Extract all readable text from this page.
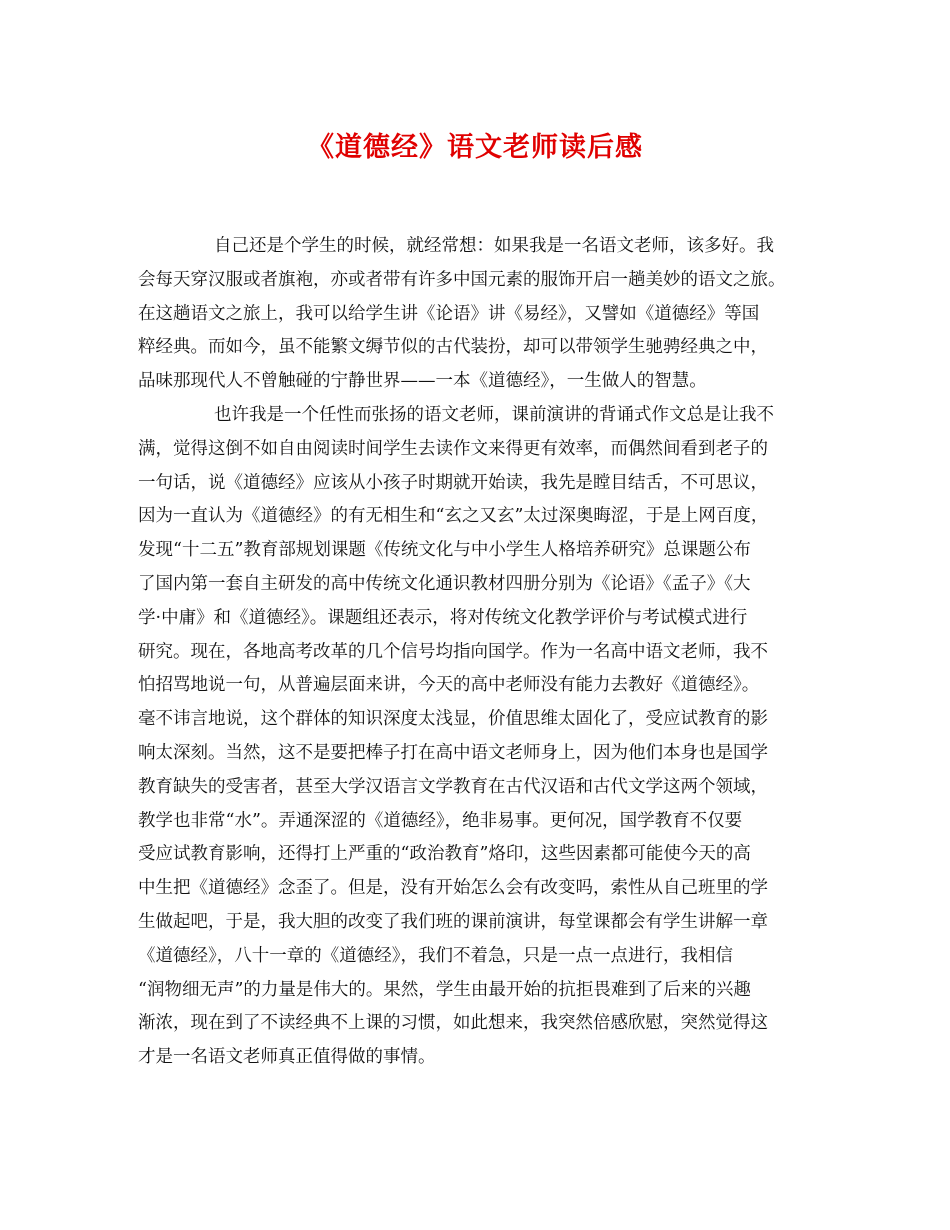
《道德经》语文老师读后感

自己还是个学生的时候，就经常想：如果我是一名语文老师，该多好。我
会每天穿汉服或者旗袍，亦或者带有许多中国元素的服饰开启一趟美妙的语文之旅。
在这趟语文之旅上，我可以给学生讲《论语》讲《易经》，又譬如《道德经》等国
粹经典。而如今，虽不能繁文缛节似的古代装扮，却可以带领学生驰骋经典之中，
品味那现代人不曾触碰的宁静世界——一本《道德经》，一生做人的智慧。

也许我是一个任性而张扬的语文老师，课前演讲的背诵式作文总是让我不
满，觉得这倒不如自由阅读时间学生去读作文来得更有效率，而偶然间看到老子的
一句话，说《道德经》应该从小孩子时期就开始读，我先是瞠目结舌，不可思议，
因为一直认为《道德经》的有无相生和“玄之又玄”太过深奥晦涩，于是上网百度，
发现“十二五”教育部规划课题《传统文化与中小学生人格培养研究》总课题公布
了国内第一套自主研发的高中传统文化通识教材四册分别为《论语》《孟子》《大
学·中庸》和《道德经》。课题组还表示，将对传统文化教学评价与考试模式进行
研究。现在，各地高考改革的几个信号均指向国学。作为一名高中语文老师，我不
怕招骂地说一句，从普遍层面来讲，今天的高中老师没有能力去教好《道德经》。
毫不讳言地说，这个群体的知识深度太浅显，价值思维太固化了，受应试教育的影
响太深刻。当然，这不是要把棒子打在高中语文老师身上，因为他们本身也是国学
教育缺失的受害者，甚至大学汉语言文学教育在古代汉语和古代文学这两个领域，
教学也非常“水”。弄通深涩的《道德经》，绝非易事。更何况，国学教育不仅要
受应试教育影响，还得打上严重的“政治教育”烙印，这些因素都可能使今天的高
中生把《道德经》念歪了。但是，没有开始怎么会有改变吗，索性从自己班里的学
生做起吧，于是，我大胆的改变了我们班的课前演讲，每堂课都会有学生讲解一章
《道德经》，八十一章的《道德经》，我们不着急，只是一点一点进行，我相信
“润物细无声”的力量是伟大的。果然，学生由最开始的抗拒畏难到了后来的兴趣
渐浓，现在到了不读经典不上课的习惯，如此想来，我突然倍感欣慰，突然觉得这
才是一名语文老师真正值得做的事情。
